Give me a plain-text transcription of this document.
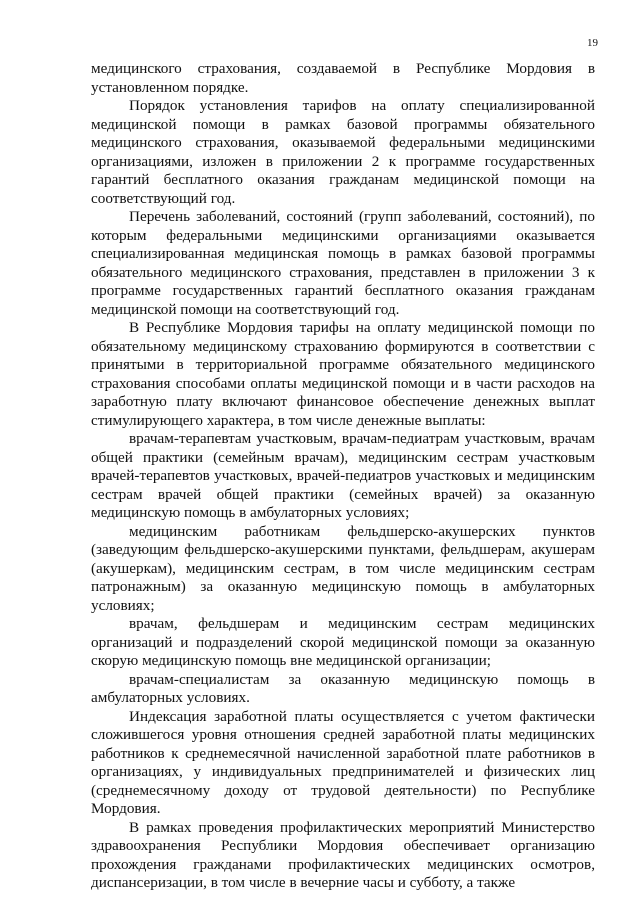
19

медицинского страхования, создаваемой в Республике Мордовия в установленном порядке.

Порядок установления тарифов на оплату специализированной медицинской помощи в рамках базовой программы обязательного медицинского страхования, оказываемой федеральными медицинскими организациями, изложен в приложении 2 к программе государственных гарантий бесплатного оказания гражданам медицинской помощи на соответствующий год.

Перечень заболеваний, состояний (групп заболеваний, состояний), по которым федеральными медицинскими организациями оказывается специализированная медицинская помощь в рамках базовой программы обязательного медицинского страхования, представлен в приложении 3 к программе государственных гарантий бесплатного оказания гражданам медицинской помощи на соответствующий год.

В Республике Мордовия тарифы на оплату медицинской помощи по обязательному медицинскому страхованию формируются в соответствии с принятыми в территориальной программе обязательного медицинского страхования способами оплаты медицинской помощи и в части расходов на заработную плату включают финансовое обеспечение денежных выплат стимулирующего характера, в том числе денежные выплаты:

врачам-терапевтам участковым, врачам-педиатрам участковым, врачам общей практики (семейным врачам), медицинским сестрам участковым врачей-терапевтов участковых, врачей-педиатров участковых и медицинским сестрам врачей общей практики (семейных врачей) за оказанную медицинскую помощь в амбулаторных условиях;

медицинским работникам фельдшерско-акушерских пунктов (заведующим фельдшерско-акушерскими пунктами, фельдшерам, акушерам (акушеркам), медицинским сестрам, в том числе медицинским сестрам патронажным) за оказанную медицинскую помощь в амбулаторных условиях;

врачам, фельдшерам и медицинским сестрам медицинских организаций и подразделений скорой медицинской помощи за оказанную скорую медицинскую помощь вне медицинской организации;

врачам-специалистам за оказанную медицинскую помощь в амбулаторных условиях.

Индексация заработной платы осуществляется с учетом фактически сложившегося уровня отношения средней заработной платы медицинских работников к среднемесячной начисленной заработной плате работников в организациях, у индивидуальных предпринимателей и физических лиц (среднемесячному доходу от трудовой деятельности) по Республике Мордовия.

В рамках проведения профилактических мероприятий Министерство здравоохранения Республики Мордовия обеспечивает организацию прохождения гражданами профилактических медицинских осмотров, диспансеризации, в том числе в вечерние часы и субботу, а также
